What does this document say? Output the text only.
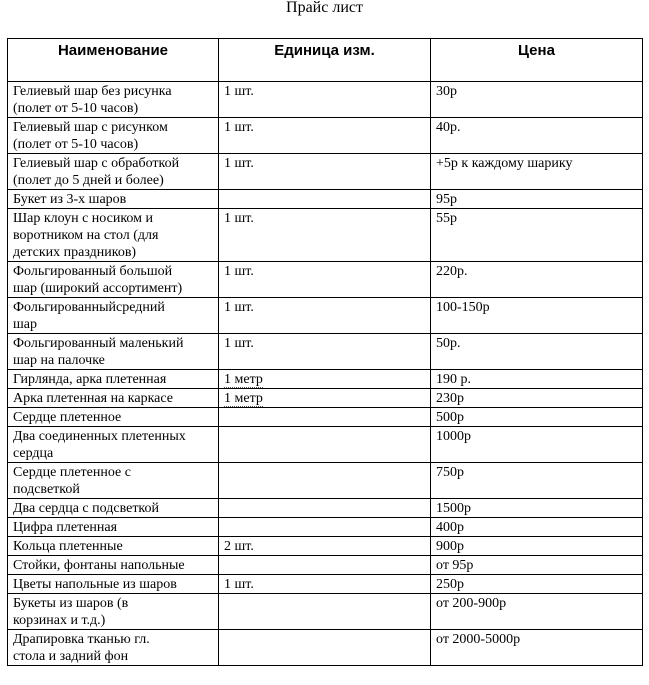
Прайс лист
Наименование	Единица изм.	Цена
Гелиевый шар без рисунка
(полет от 5-10 часов)	1 шт.	30р
Гелиевый шар с рисунком
(полет от 5-10 часов)	1 шт.	40р.
Гелиевый шар с обработкой
(полет до 5 дней и более)	1 шт.	+5р к каждому шарику
Букет из 3-х шаров		95р
Шар клоун с носиком и
воротником на стол (для
детских праздников)	1 шт.	55р
Фольгированный большой
шар (широкий ассортимент)	1 шт.	220р.
Фольгированныйсредний
шар	1 шт.	100-150р
Фольгированный маленький
шар на палочке	1 шт.	50р.
Гирлянда, арка плетенная	1 метр	190 р.
Арка плетенная на каркасе	1 метр	230р
Сердце плетенное		500р
Два соединенных плетенных
сердца		1000р
Сердце плетенное с
подсветкой		750р
Два сердца с подсветкой		1500р
Цифра плетенная		400р
Кольца плетенные	2 шт.	900р
Стойки, фонтаны напольные		от 95р
Цветы напольные из шаров	1 шт.	250р
Букеты из шаров (в
корзинах и т.д.)		от 200-900р
Драпировка тканью гл.
стола и задний фон		от 2000-5000р
